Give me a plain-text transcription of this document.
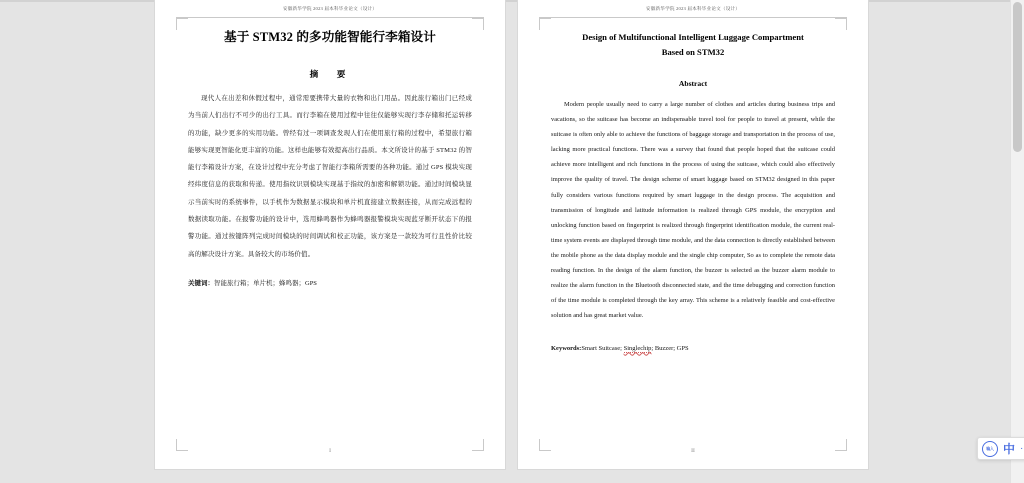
安徽新华学院 2023 届本科毕业论文（设计）
基于 STM32 的多功能智能行李箱设计
摘　要
现代人在出差和休假过程中，通常需要携带大量的衣物和出门用品。因此旅行箱出门已经成为当前人们出行不可少的出行工具。而行李箱在使用过程中往往仅能够实现行李存储和托运转移的功能，缺少更多的实用功能。曾经有过一项调查发现人们在使用旅行箱的过程中，希望旅行箱能够实现更智能化更丰富的功能。这样也能够有效提高出行品质。本文所设计的基于 STM32 的智能行李箱设计方案，在设计过程中充分考虑了智能行李箱所需要的各种功能。通过 GPS 模块实现经纬度信息的获取和传递。使用指纹识别模块实现基于指纹的加密和解锁功能。通过时间模块显示当前实时的系统事件，以手机作为数据显示模块和单片机直接建立数据连接，从而完成远程的数据读取功能。在报警功能的设计中，选用蜂鸣器作为蜂鸣器报警模块实现蓝牙断开状态下的报警功能。通过按键阵列完成时间模块的时间调试和校正功能，该方案是一款较为可行且性价比较高的解决设计方案。具备较大的市场价值。
关键词：智能旅行箱；单片机；蜂鸣器；GPS
I
安徽新华学院 2023 届本科毕业论文（设计）
Design of Multifunctional Intelligent Luggage Compartment
Based on STM32
Abstract
Modern people usually need to carry a large number of clothes and articles during business trips and vacations, so the suitcase has become an indispensable travel tool for people to travel at present, while the suitcase is often only able to achieve the functions of baggage storage and transportation in the process of use, lacking more practical functions. There was a survey that found that people hoped that the suitcase could achieve more intelligent and rich functions in the process of using the suitcase, which could also effectively improve the quality of travel. The design scheme of smart luggage based on STM32 designed in this paper fully considers various functions required by smart luggage in the design process. The acquisition and transmission of longitude and latitude information is realized through GPS module, the encryption and unlocking function based on fingerprint is realized through fingerprint identification module, the current real-time system events are displayed through time module, and the data connection is directly established between the mobile phone as the data display module and the single chip computer, So as to complete the remote data reading function. In the design of the alarm function, the buzzer is selected as the buzzer alarm module to realize the alarm function in the Bluetooth disconnected state, and the time debugging and correction function of the time module is completed through the key array. This scheme is a relatively feasible and cost-effective solution and has great market value.
Keywords:Smart Suitcase; Singlechip; Buzzer; GPS
II	输入 中 ·
